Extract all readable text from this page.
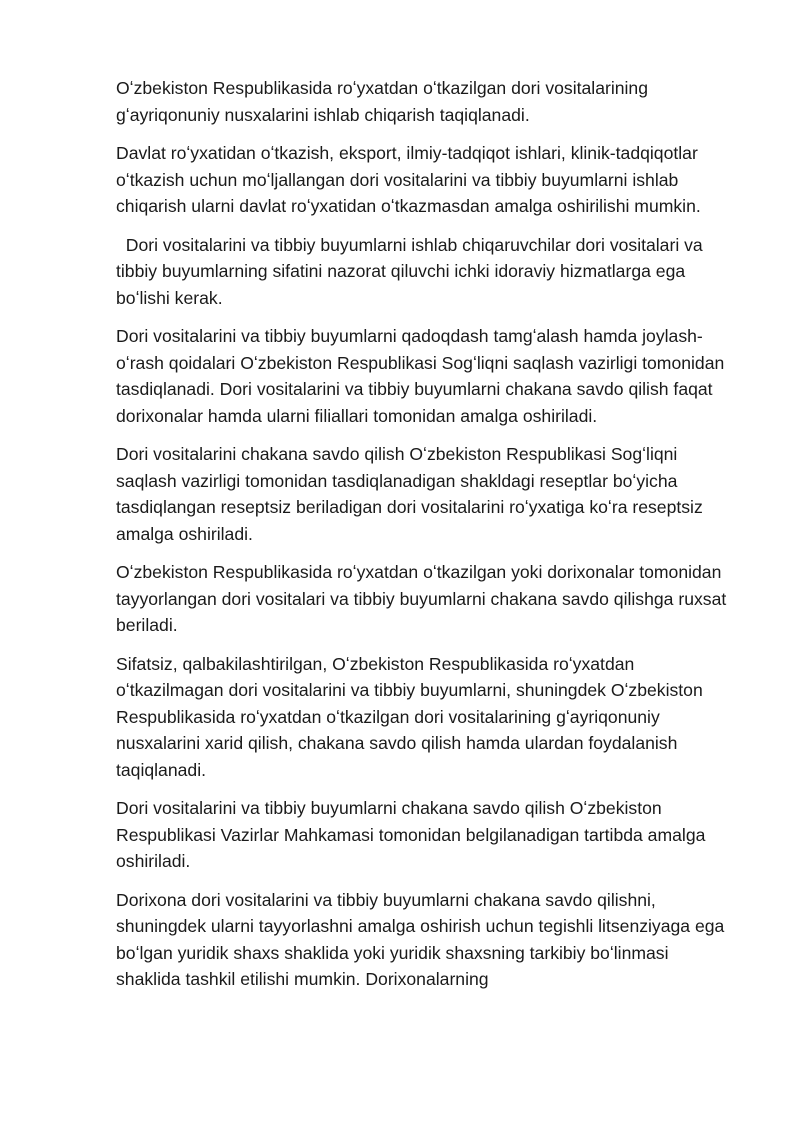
Oʻzbekiston Respublikasida roʻyxatdan oʻtkazilgan dori vositalarining gʻayriqonuniy nusxalarini ishlab chiqarish taqiqlanadi.

Davlat roʻyxatidan oʻtkazish, eksport, ilmiy-tadqiqot ishlari, klinik-tadqiqotlar oʻtkazish uchun moʻljallangan dori vositalarini va tibbiy buyumlarni ishlab chiqarish ularni davlat roʻyxatidan oʻtkazmasdan amalga oshirilishi mumkin.

Dori vositalarini va tibbiy buyumlarni ishlab chiqaruvchilar dori vositalari va tibbiy buyumlarning sifatini nazorat qiluvchi ichki idoraviy hizmatlarga ega boʻlishi kerak.

Dori vositalarini va tibbiy buyumlarni qadoqdash tamgʻalash hamda joylash-oʻrash qoidalari Oʻzbekiston Respublikasi Sogʻliqni saqlash vazirligi tomonidan tasdiqlanadi. Dori vositalarini va tibbiy buyumlarni chakana savdo qilish faqat dorixonalar hamda ularni filiallari tomonidan amalga oshiriladi.

Dori vositalarini chakana savdo qilish Oʻzbekiston Respublikasi Sogʻliqni saqlash vazirligi tomonidan tasdiqlanadigan shakldagi reseptlar boʻyicha tasdiqlangan reseptsiz beriladigan dori vositalarini roʻyxatiga koʻra reseptsiz amalga oshiriladi.

Oʻzbekiston Respublikasida roʻyxatdan oʻtkazilgan yoki dorixonalar tomonidan tayyorlangan dori vositalari va tibbiy buyumlarni chakana savdo qilishga ruxsat beriladi.

Sifatsiz, qalbakilashtirilgan, Oʻzbekiston Respublikasida roʻyxatdan oʻtkazilmagan dori vositalarini va tibbiy buyumlarni, shuningdek Oʻzbekiston Respublikasida roʻyxatdan oʻtkazilgan dori vositalarining gʻayriqonuniy nusxalarini xarid qilish, chakana savdo qilish hamda ulardan foydalanish taqiqlanadi.

Dori vositalarini va tibbiy buyumlarni chakana savdo qilish Oʻzbekiston Respublikasi Vazirlar Mahkamasi tomonidan belgilanadigan tartibda amalga oshiriladi.

Dorixona dori vositalarini va tibbiy buyumlarni chakana savdo qilishni, shuningdek ularni tayyorlashni amalga oshirish uchun tegishli litsenziyaga ega boʻlgan yuridik shaxs shaklida yoki yuridik shaxsning tarkibiy boʻlinmasi shaklida tashkil etilishi mumkin. Dorixonalarning
